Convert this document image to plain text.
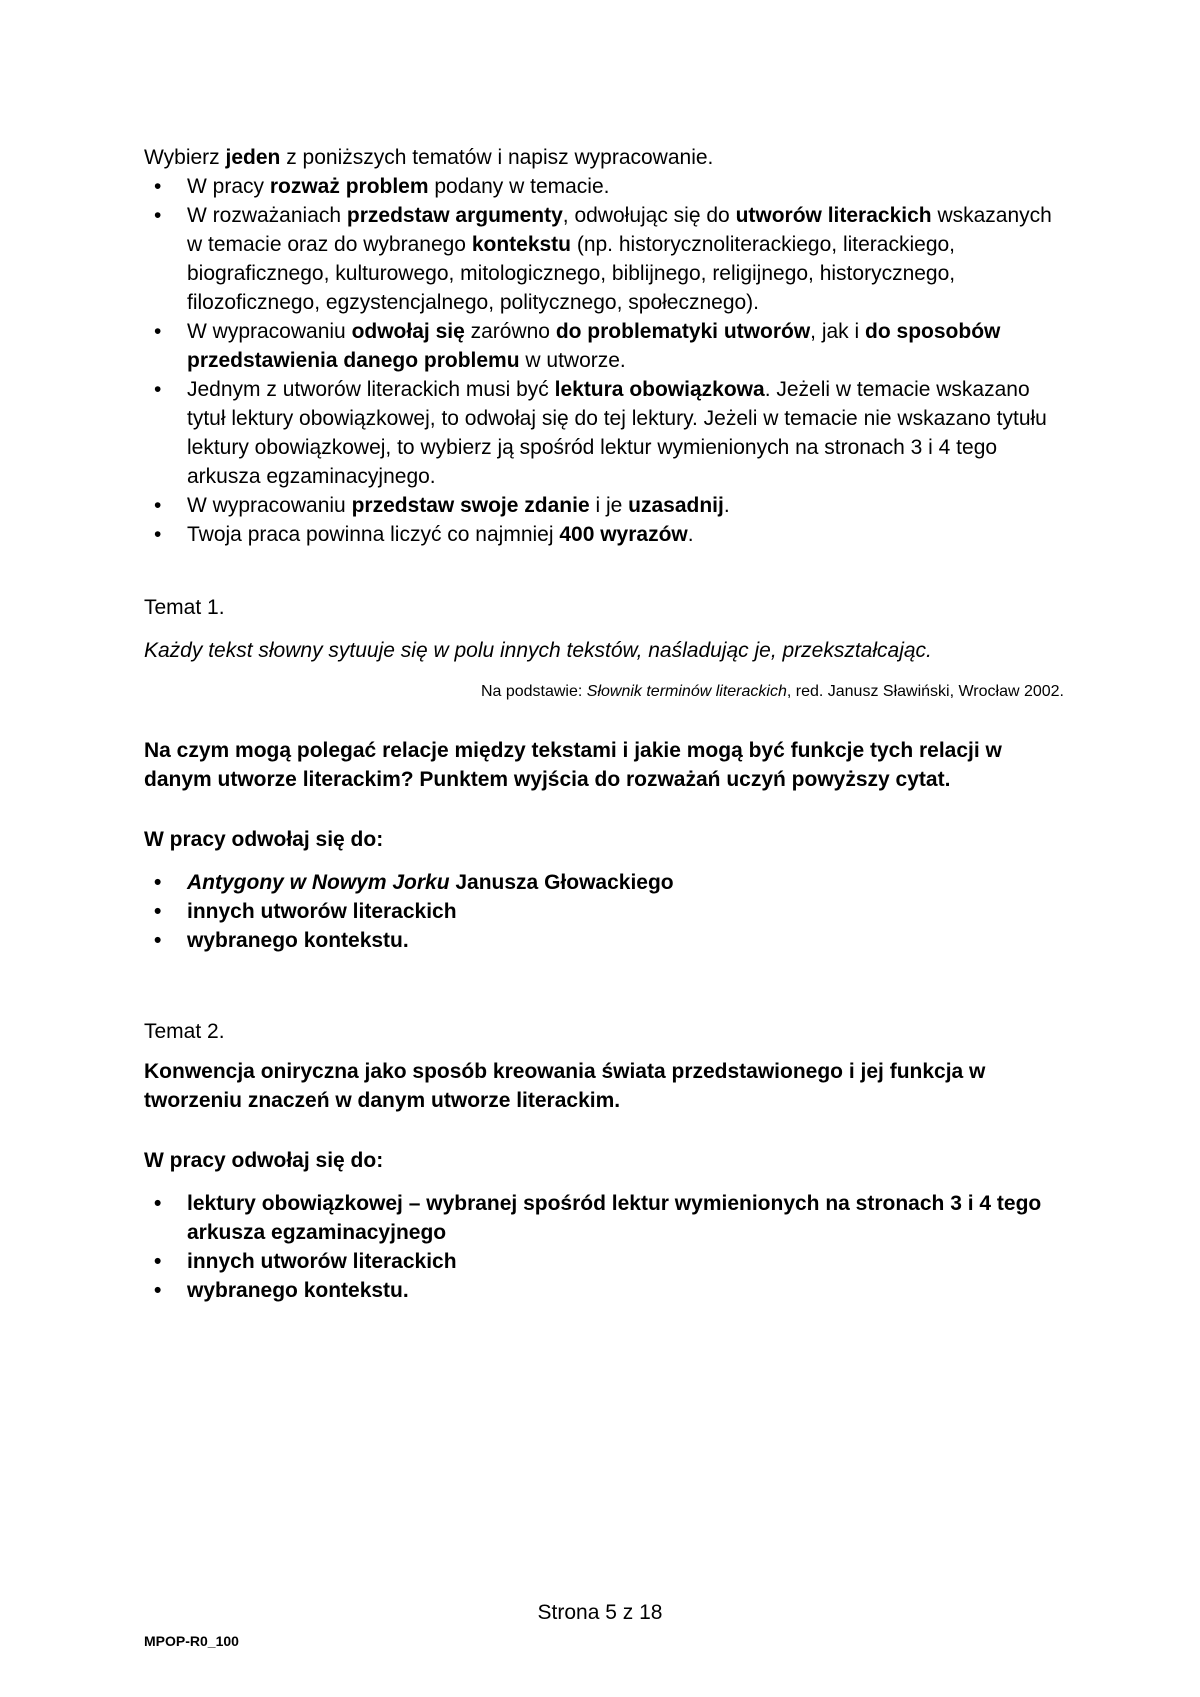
Wybierz jeden z poniższych tematów i napisz wypracowanie.
• W pracy rozważ problem podany w temacie.
• W rozważaniach przedstaw argumenty, odwołując się do utworów literackich wskazanych w temacie oraz do wybranego kontekstu (np. historycznoliterackiego, literackiego, biograficznego, kulturowego, mitologicznego, biblijnego, religijnego, historycznego, filozoficznego, egzystencjalnego, politycznego, społecznego).
• W wypracowaniu odwołaj się zarówno do problematyki utworów, jak i do sposobów przedstawienia danego problemu w utworze.
• Jednym z utworów literackich musi być lektura obowiązkowa. Jeżeli w temacie wskazano tytuł lektury obowiązkowej, to odwołaj się do tej lektury. Jeżeli w temacie nie wskazano tytułu lektury obowiązkowej, to wybierz ją spośród lektur wymienionych na stronach 3 i 4 tego arkusza egzaminacyjnego.
• W wypracowaniu przedstaw swoje zdanie i je uzasadnij.
• Twoja praca powinna liczyć co najmniej 400 wyrazów.
Temat 1.
Każdy tekst słowny sytuuje się w polu innych tekstów, naśladując je, przekształcając.
Na podstawie: Słownik terminów literackich, red. Janusz Sławiński, Wrocław 2002.
Na czym mogą polegać relacje między tekstami i jakie mogą być funkcje tych relacji w danym utworze literackim? Punktem wyjścia do rozważań uczyń powyższy cytat.
W pracy odwołaj się do:
• Antygony w Nowym Jorku Janusza Głowackiego
• innych utworów literackich
• wybranego kontekstu.
Temat 2.
Konwencja oniryczna jako sposób kreowania świata przedstawionego i jej funkcja w tworzeniu znaczeń w danym utworze literackim.
W pracy odwołaj się do:
• lektury obowiązkowej – wybranej spośród lektur wymienionych na stronach 3 i 4 tego arkusza egzaminacyjnego
• innych utworów literackich
• wybranego kontekstu.
Strona 5 z 18
MPOP-R0_100
